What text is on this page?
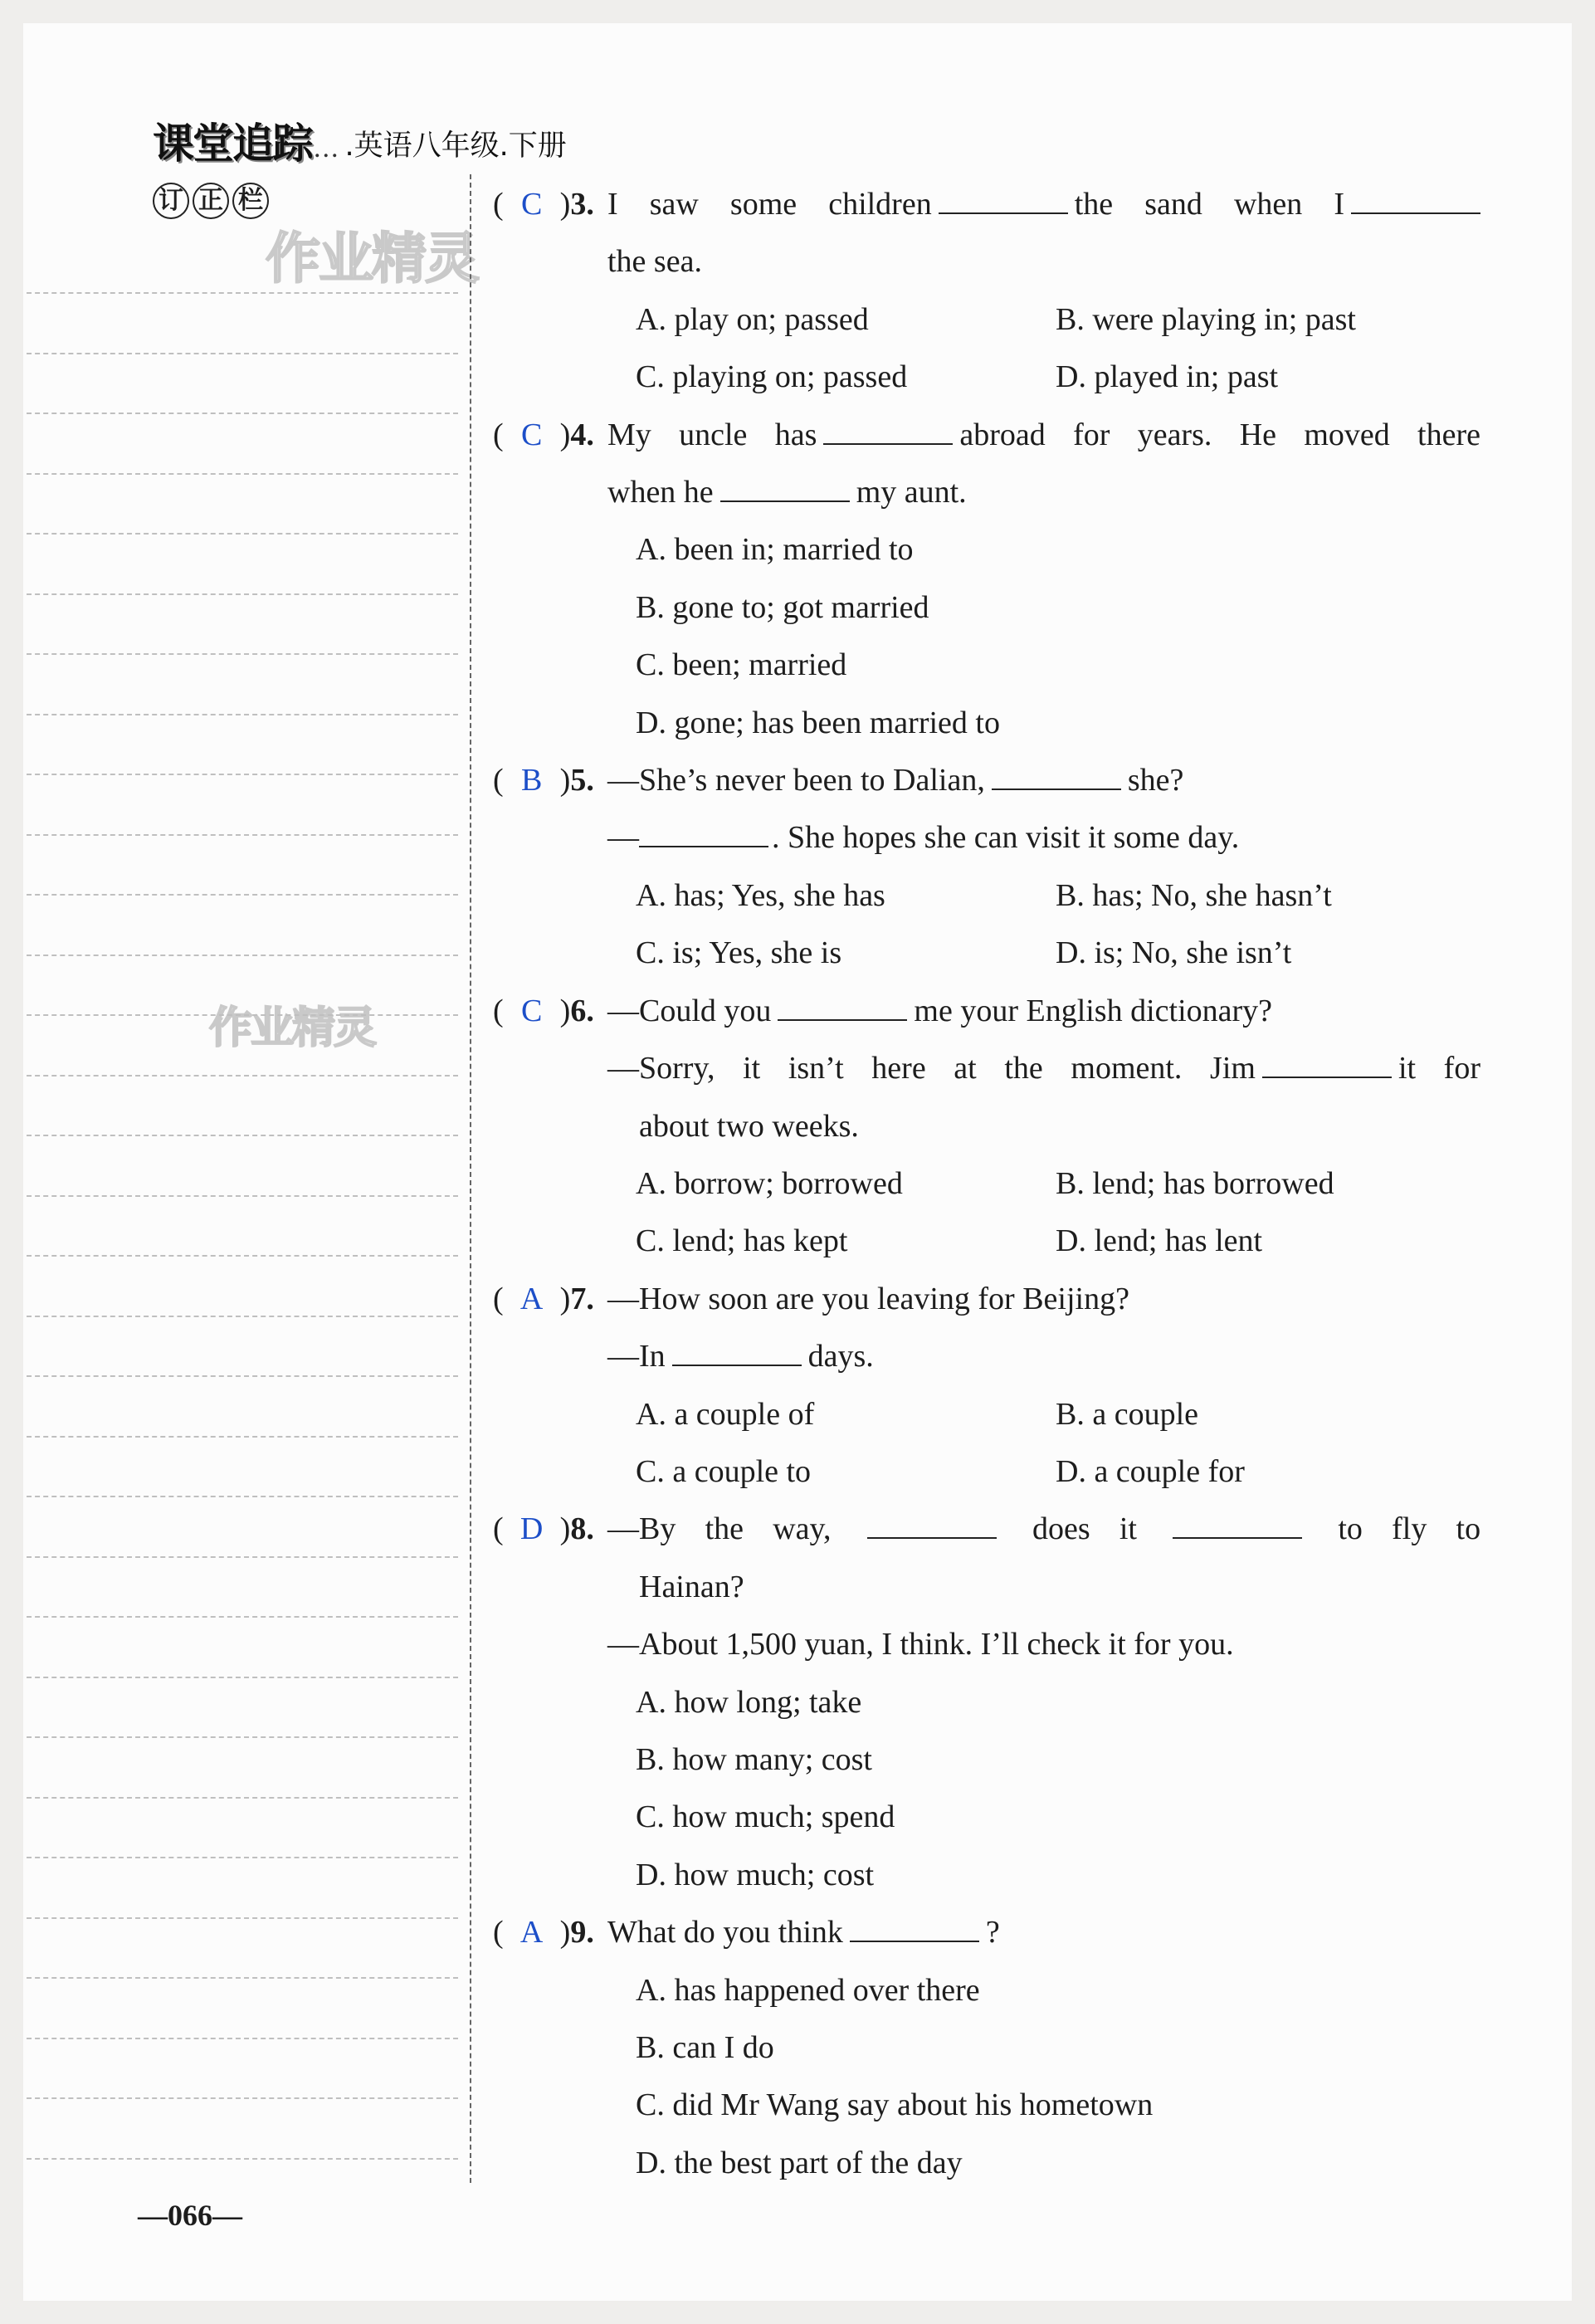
课堂追踪 ... .英语八年级.下册
订 正 栏
作业精灵
作业精灵
( C )3. I saw some children	the sand when I
the sea.
A. play on; passed	B. were playing in; past
C. playing on; passed	D. played in; past
( C )4. My uncle has	abroad for years. He moved there
when he	my aunt.
A. been in; married to
B. gone to; got married
C. been; married
D. gone; has been married to
( B )5. —She’s never been to Dalian,	she?
—	. She hopes she can visit it some day.
A. has; Yes, she has	B. has; No, she hasn’t
C. is; Yes, she is	D. is; No, she isn’t
( C )6. —Could you	me your English dictionary?
—Sorry, it isn’t here at the moment. Jim	it for
about two weeks.
A. borrow; borrowed	B. lend; has borrowed
C. lend; has kept	D. lend; has lent
( A )7. —How soon are you leaving for Beijing?
—In	days.
A. a couple of	B. a couple
C. a couple to	D. a couple for
( D )8. —By the way,	does it	to fly to
Hainan?
—About 1,500 yuan, I think. I’ll check it for you.
A. how long; take
B. how many; cost
C. how much; spend
D. how much; cost
( A )9. What do you think	?
A. has happened over there
B. can I do
C. did Mr Wang say about his hometown
D. the best part of the day
—066—
